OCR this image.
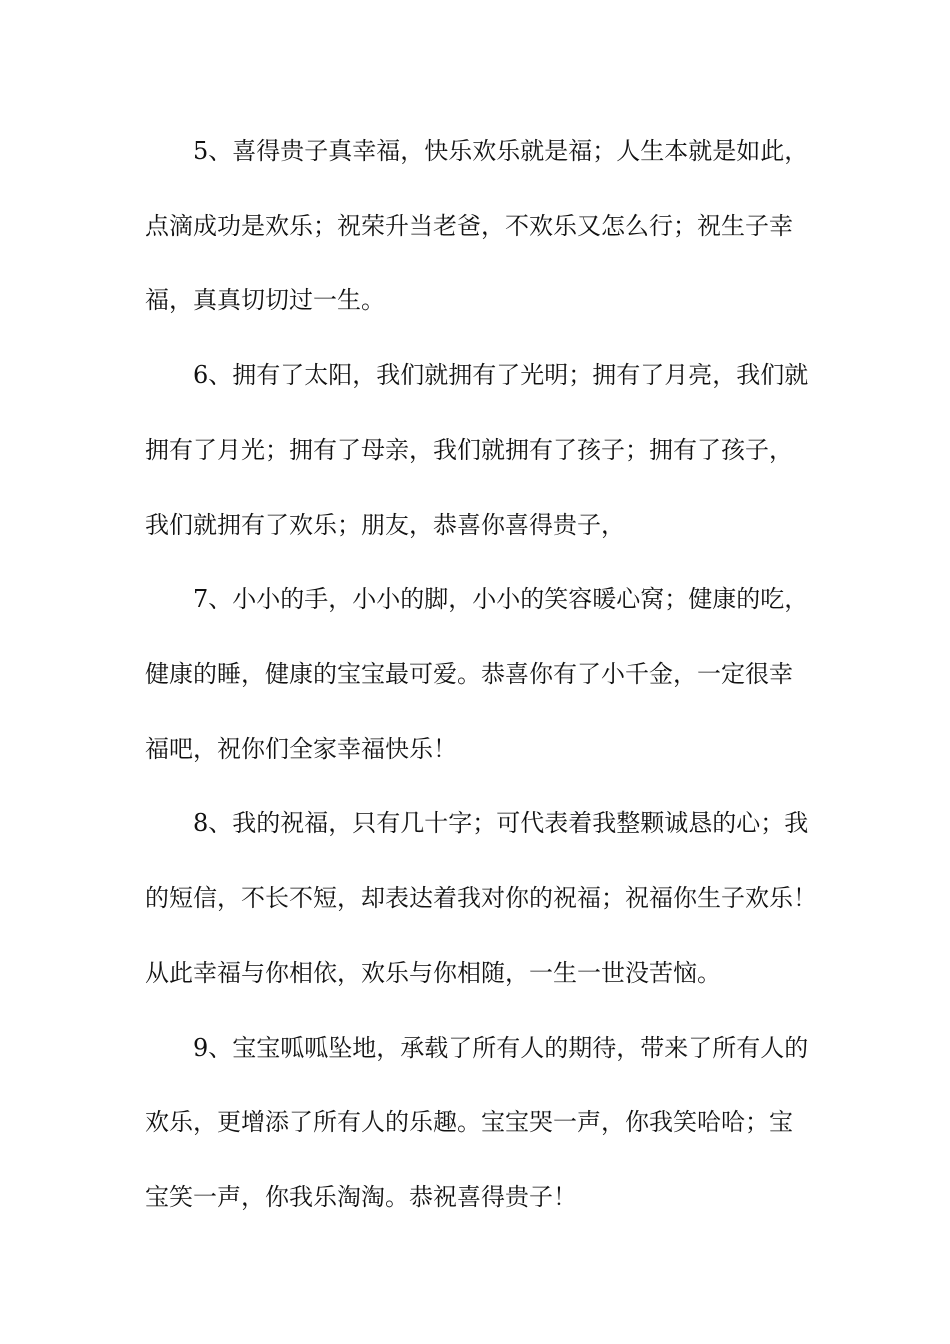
5、喜得贵子真幸福，快乐欢乐就是福；人生本就是如此，
点滴成功是欢乐；祝荣升当老爸，不欢乐又怎么行；祝生子幸
福，真真切切过一生。
6、拥有了太阳，我们就拥有了光明；拥有了月亮，我们就
拥有了月光；拥有了母亲，我们就拥有了孩子；拥有了孩子，
我们就拥有了欢乐；朋友，恭喜你喜得贵子，
7、小小的手，小小的脚，小小的笑容暖心窝；健康的吃，
健康的睡，健康的宝宝最可爱。恭喜你有了小千金，一定很幸
福吧，祝你们全家幸福快乐！
8、我的祝福，只有几十字；可代表着我整颗诚恳的心；我
的短信，不长不短，却表达着我对你的祝福；祝福你生子欢乐！
从此幸福与你相依，欢乐与你相随，一生一世没苦恼。
9、宝宝呱呱坠地，承载了所有人的期待，带来了所有人的
欢乐，更增添了所有人的乐趣。宝宝哭一声，你我笑哈哈；宝
宝笑一声，你我乐淘淘。恭祝喜得贵子！
